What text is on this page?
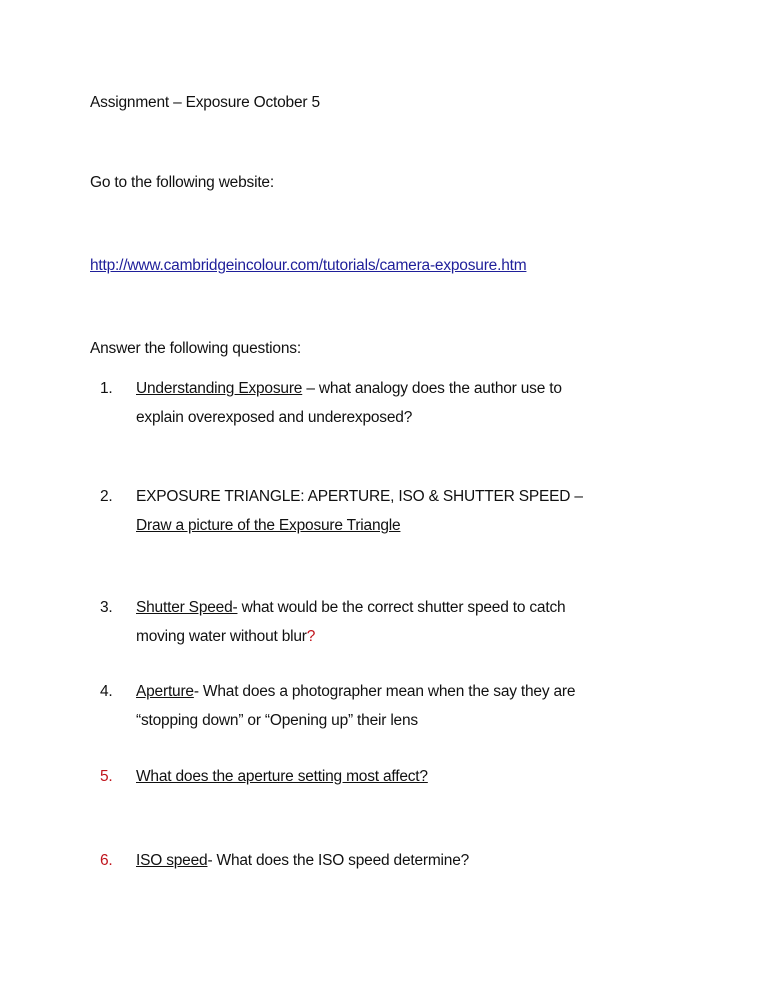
Assignment – Exposure October 5
Go to the following website:
http://www.cambridgeincolour.com/tutorials/camera-exposure.htm
Answer the following questions:
1. Understanding Exposure – what analogy does the author use to
explain overexposed and underexposed?
2. EXPOSURE TRIANGLE: APERTURE, ISO & SHUTTER SPEED –
Draw a picture of the Exposure Triangle
3. Shutter Speed- what would be the correct shutter speed to catch
moving water without blur?
4. Aperture- What does a photographer mean when the say they are
“stopping down” or “Opening up” their lens
5. What does the aperture setting most affect?
6. ISO speed- What does the ISO speed determine?
